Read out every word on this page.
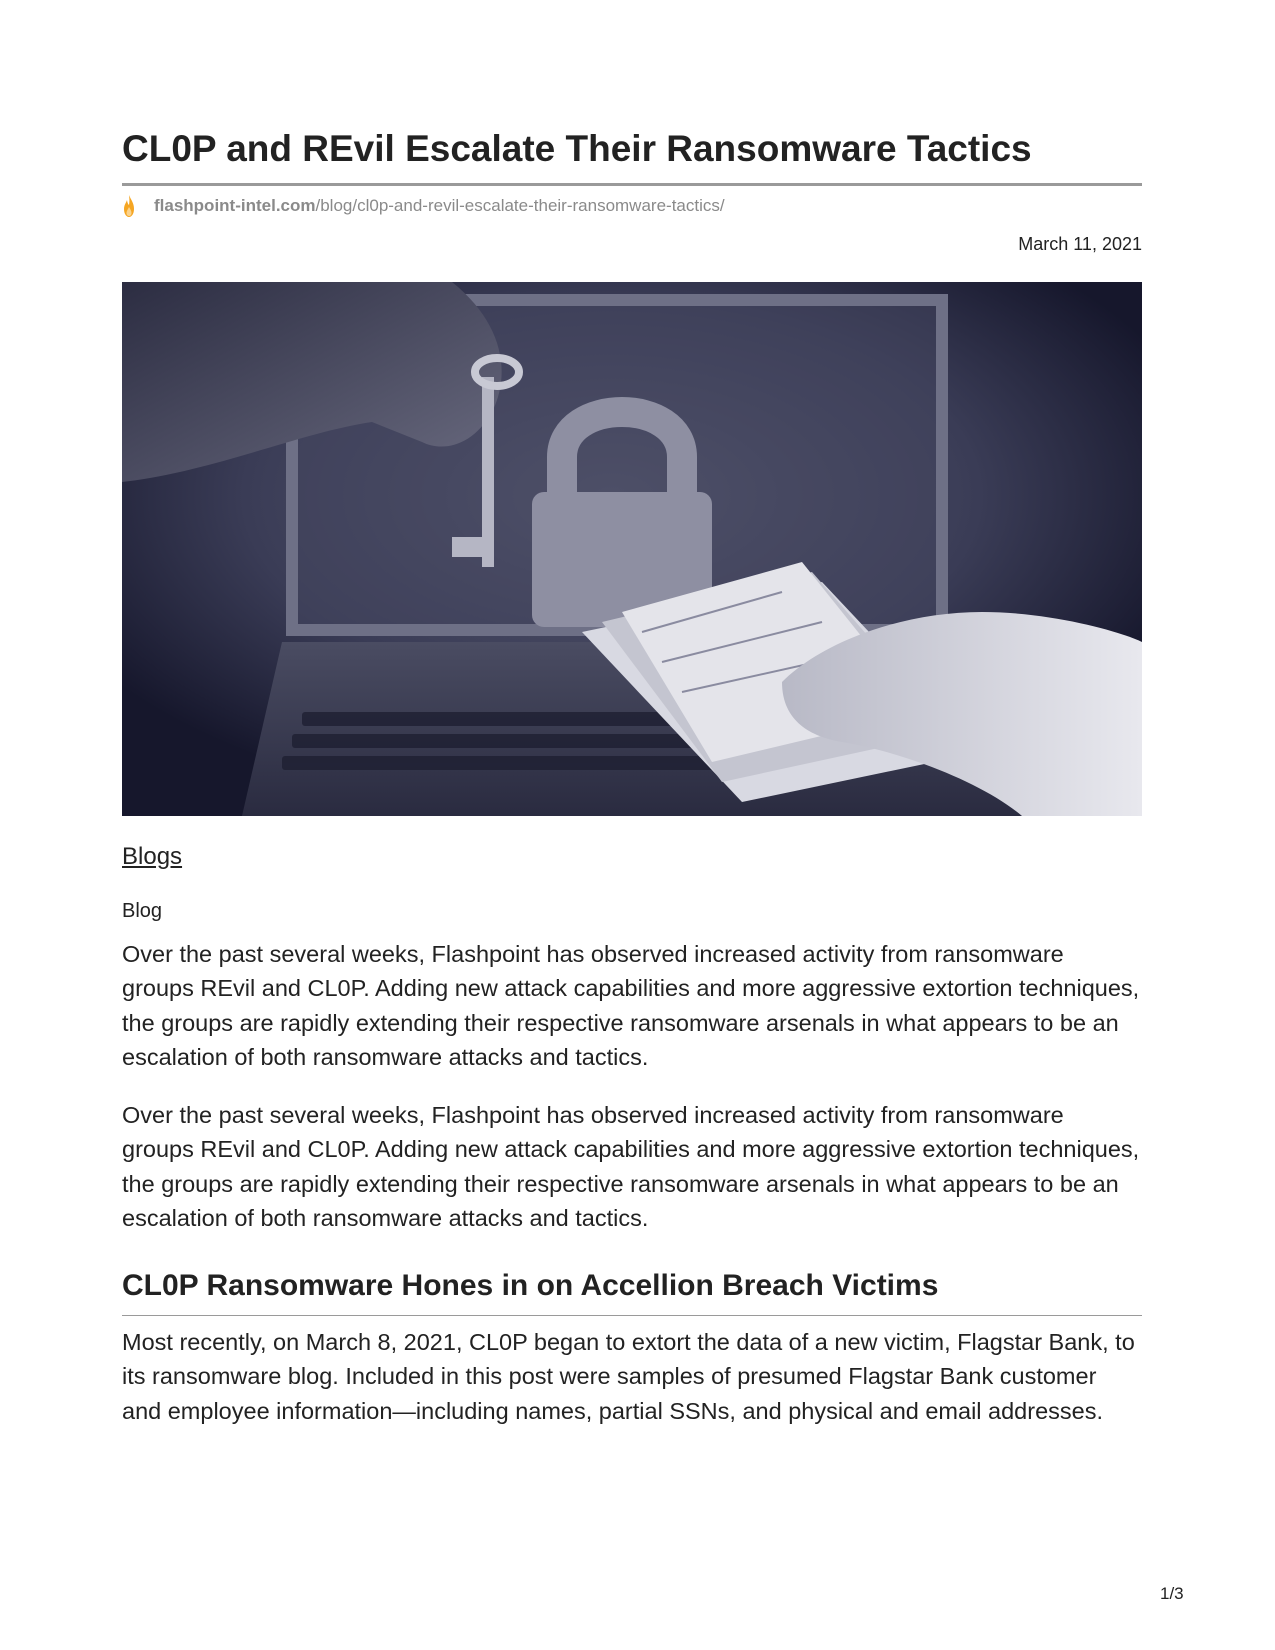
CL0P and REvil Escalate Their Ransomware Tactics
flashpoint-intel.com /blog/cl0p-and-revil-escalate-their-ransomware-tactics/
March 11, 2021
Blogs
Blog

Over the past several weeks, Flashpoint has observed increased activity from ransomware groups REvil and CL0P. Adding new attack capabilities and more aggressive extortion techniques, the groups are rapidly extending their respective ransomware arsenals in what appears to be an escalation of both ransomware attacks and tactics.

Over the past several weeks, Flashpoint has observed increased activity from ransomware groups REvil and CL0P. Adding new attack capabilities and more aggressive extortion techniques, the groups are rapidly extending their respective ransomware arsenals in what appears to be an escalation of both ransomware attacks and tactics.

CL0P Ransomware Hones in on Accellion Breach Victims

Most recently, on March 8, 2021, CL0P began to extort the data of a new victim, Flagstar Bank, to its ransomware blog. Included in this post were samples of presumed Flagstar Bank customer and employee information—including names, partial SSNs, and physical and email addresses.

1/3
